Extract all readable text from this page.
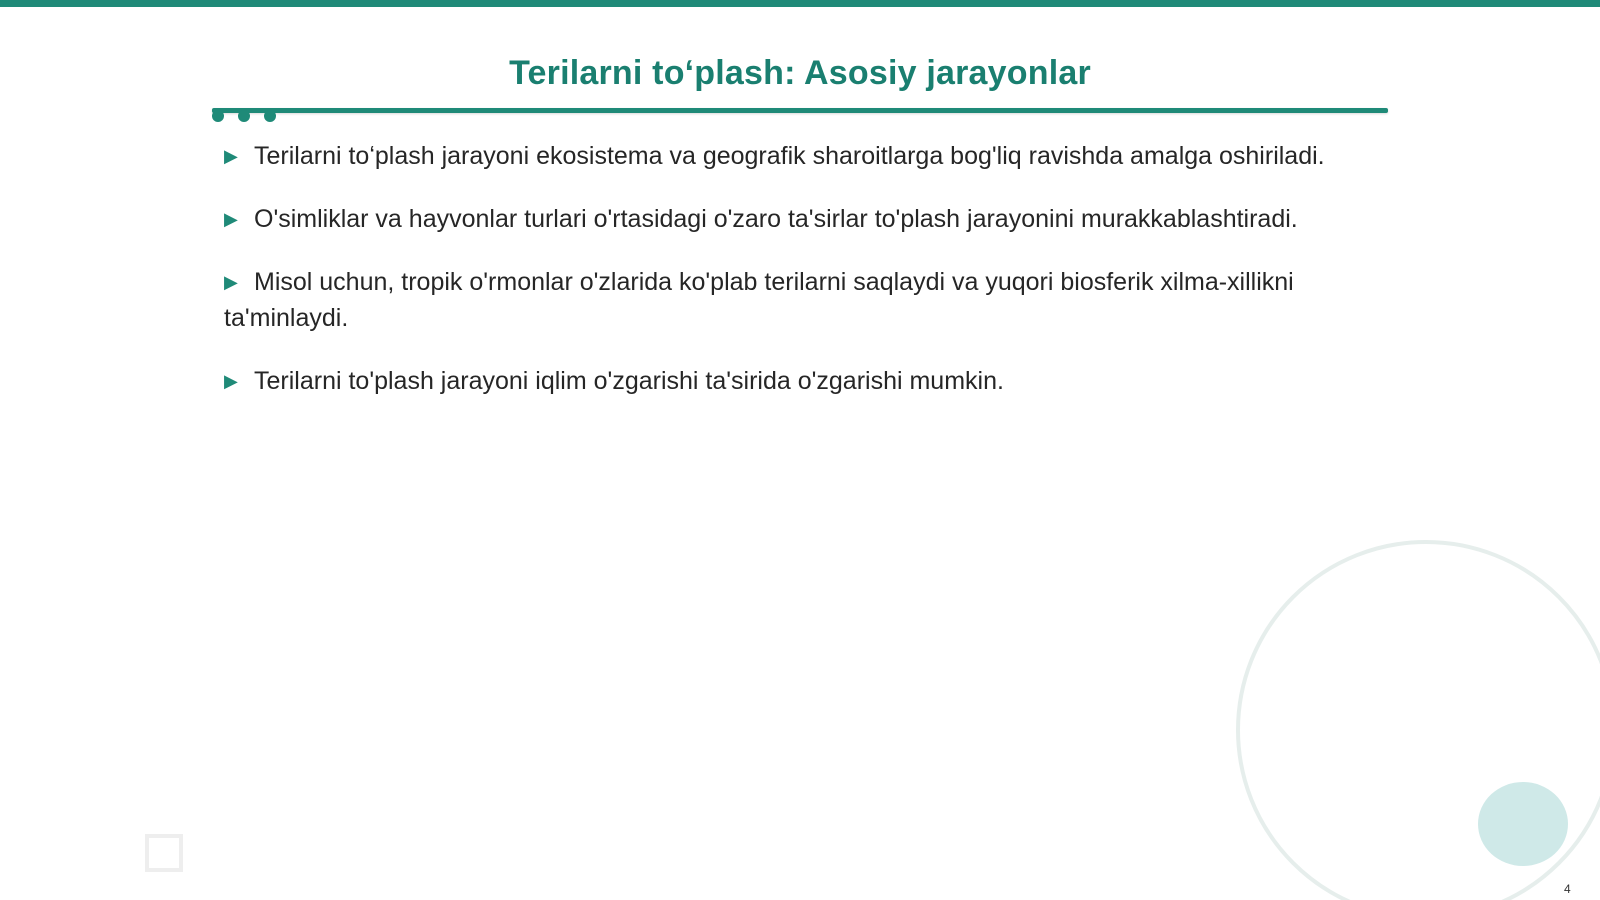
Terilarni toʻplash: Asosiy jarayonlar

▶ Terilarni toʻplash jarayoni ekosistema va geografik sharoitlarga bog'liq ravishda amalga oshiriladi.

▶ O'simliklar va hayvonlar turlari o'rtasidagi o'zaro ta'sirlar to'plash jarayonini murakkablashtiradi.

▶ Misol uchun, tropik o'rmonlar o'zlarida ko'plab terilarni saqlaydi va yuqori biosferik xilma-xillikni ta'minlaydi.

▶ Terilarni to'plash jarayoni iqlim o'zgarishi ta'sirida o'zgarishi mumkin.

4
